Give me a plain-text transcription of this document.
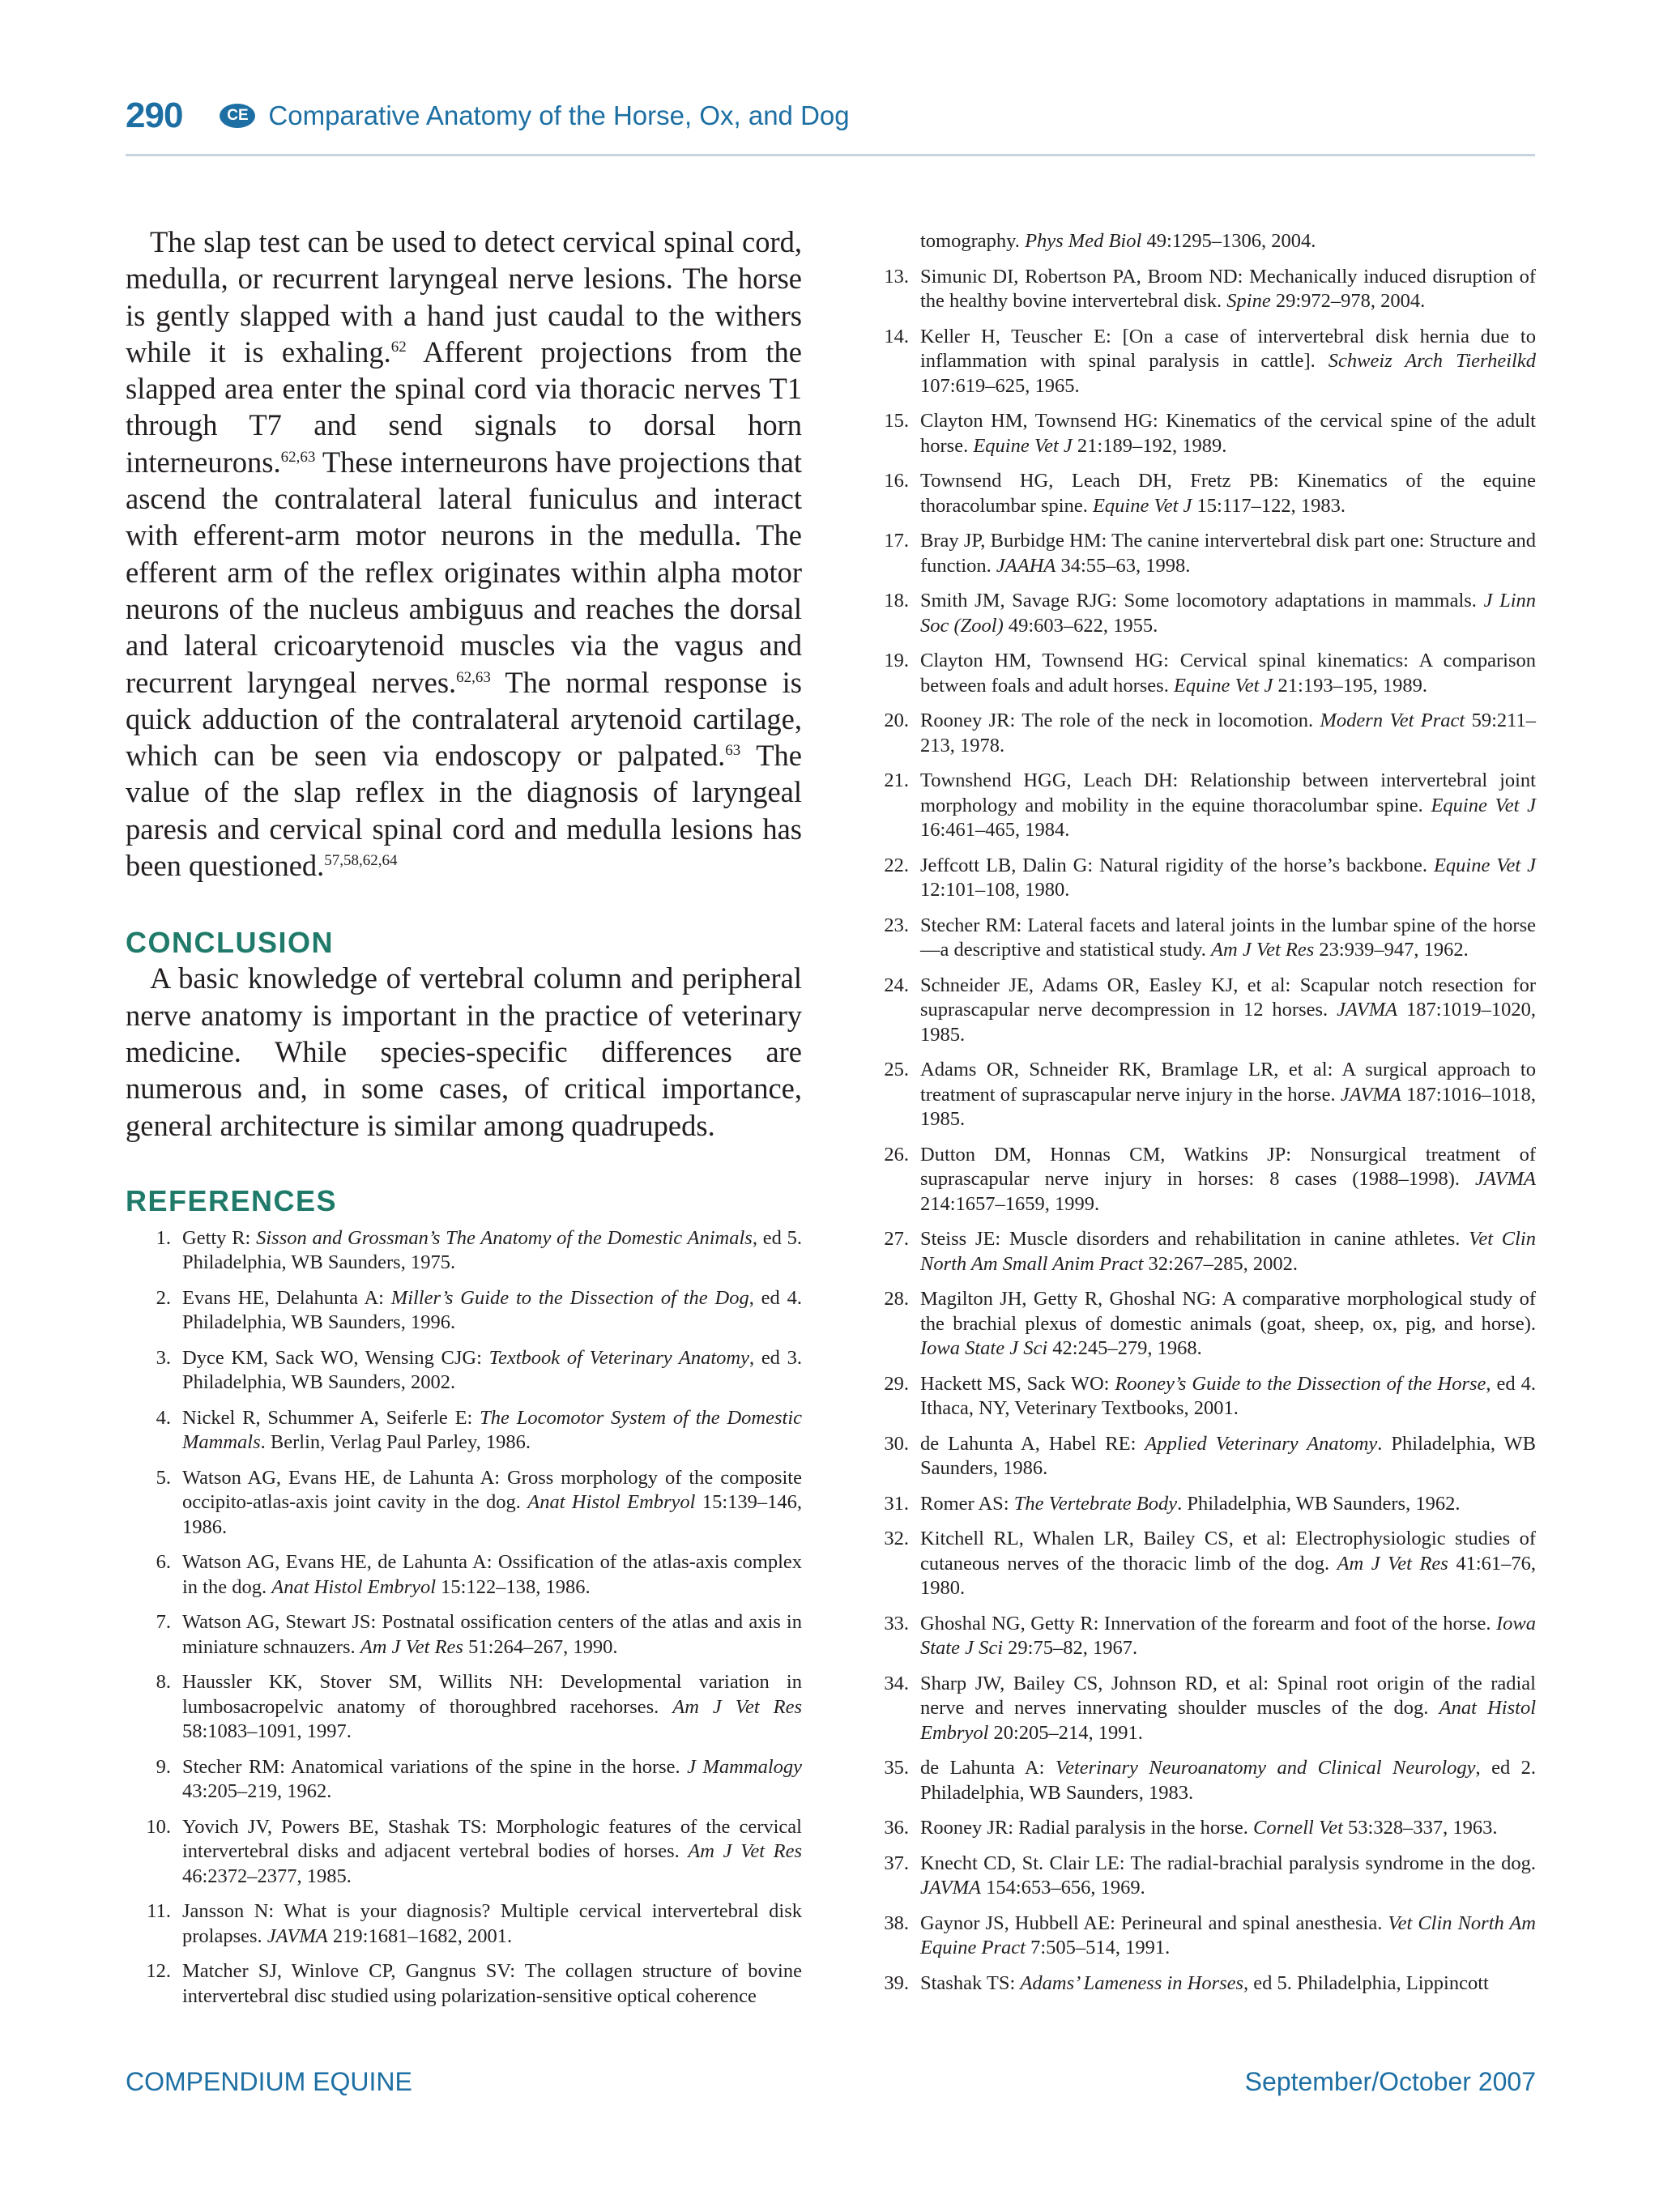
290	CE Comparative Anatomy of the Horse, Ox, and Dog

The slap test can be used to detect cervical spinal cord, medulla, or recurrent laryngeal nerve lesions. The horse is gently slapped with a hand just caudal to the withers while it is exhaling.$^{62}$ Afferent projections from the slapped area enter the spinal cord via thoracic nerves T1 through T7 and send signals to dorsal horn interneurons.$^{62,63}$ These interneurons have projections that ascend the contralateral lateral funiculus and interact with efferent-arm motor neurons in the medulla. The efferent arm of the reflex originates within alpha motor neurons of the nucleus ambiguus and reaches the dorsal and lateral cricoarytenoid muscles via the vagus and recurrent laryngeal nerves.$^{62,63}$ The normal response is quick adduction of the contralateral arytenoid cartilage, which can be seen via endoscopy or palpated.$^{63}$ The value of the slap reflex in the diagnosis of laryngeal paresis and cervical spinal cord and medulla lesions has been questioned.$^{57,58,62,64}$

CONCLUSION

A basic knowledge of vertebral column and peripheral nerve anatomy is important in the practice of veterinary medicine. While species-specific differences are numerous and, in some cases, of critical importance, general architecture is similar among quadrupeds.

REFERENCES
1. Getty R: Sisson and Grossman’s The Anatomy of the Domestic Animals, ed 5. Philadelphia, WB Saunders, 1975.
2. Evans HE, Delahunta A: Miller’s Guide to the Dissection of the Dog, ed 4. Philadelphia, WB Saunders, 1996.
3. Dyce KM, Sack WO, Wensing CJG: Textbook of Veterinary Anatomy, ed 3. Philadelphia, WB Saunders, 2002.
4. Nickel R, Schummer A, Seiferle E: The Locomotor System of the Domestic Mammals. Berlin, Verlag Paul Parley, 1986.
5. Watson AG, Evans HE, de Lahunta A: Gross morphology of the composite occipito-atlas-axis joint cavity in the dog. Anat Histol Embryol 15:139–146, 1986.
6. Watson AG, Evans HE, de Lahunta A: Ossification of the atlas-axis complex in the dog. Anat Histol Embryol 15:122–138, 1986.
7. Watson AG, Stewart JS: Postnatal ossification centers of the atlas and axis in miniature schnauzers. Am J Vet Res 51:264–267, 1990.
8. Haussler KK, Stover SM, Willits NH: Developmental variation in lumbosacropelvic anatomy of thoroughbred racehorses. Am J Vet Res 58:1083–1091, 1997.
9. Stecher RM: Anatomical variations of the spine in the horse. J Mammalogy 43:205–219, 1962.
10. Yovich JV, Powers BE, Stashak TS: Morphologic features of the cervical intervertebral disks and adjacent vertebral bodies of horses. Am J Vet Res 46:2372–2377, 1985.
11. Jansson N: What is your diagnosis? Multiple cervical intervertebral disk prolapses. JAVMA 219:1681–1682, 2001.
12. Matcher SJ, Winlove CP, Gangnus SV: The collagen structure of bovine intervertebral disc studied using polarization-sensitive optical coherence
tomography. Phys Med Biol 49:1295–1306, 2004.
13. Simunic DI, Robertson PA, Broom ND: Mechanically induced disruption of the healthy bovine intervertebral disk. Spine 29:972–978, 2004.
14. Keller H, Teuscher E: [On a case of intervertebral disk hernia due to inflammation with spinal paralysis in cattle]. Schweiz Arch Tierheilkd 107:619–625, 1965.
15. Clayton HM, Townsend HG: Kinematics of the cervical spine of the adult horse. Equine Vet J 21:189–192, 1989.
16. Townsend HG, Leach DH, Fretz PB: Kinematics of the equine thoracolumbar spine. Equine Vet J 15:117–122, 1983.
17. Bray JP, Burbidge HM: The canine intervertebral disk part one: Structure and function. JAAHA 34:55–63, 1998.
18. Smith JM, Savage RJG: Some locomotory adaptations in mammals. J Linn Soc (Zool) 49:603–622, 1955.
19. Clayton HM, Townsend HG: Cervical spinal kinematics: A comparison between foals and adult horses. Equine Vet J 21:193–195, 1989.
20. Rooney JR: The role of the neck in locomotion. Modern Vet Pract 59:211–213, 1978.
21. Townshend HGG, Leach DH: Relationship between intervertebral joint morphology and mobility in the equine thoracolumbar spine. Equine Vet J 16:461–465, 1984.
22. Jeffcott LB, Dalin G: Natural rigidity of the horse’s backbone. Equine Vet J 12:101–108, 1980.
23. Stecher RM: Lateral facets and lateral joints in the lumbar spine of the horse—a descriptive and statistical study. Am J Vet Res 23:939–947, 1962.
24. Schneider JE, Adams OR, Easley KJ, et al: Scapular notch resection for suprascapular nerve decompression in 12 horses. JAVMA 187:1019–1020, 1985.
25. Adams OR, Schneider RK, Bramlage LR, et al: A surgical approach to treatment of suprascapular nerve injury in the horse. JAVMA 187:1016–1018, 1985.
26. Dutton DM, Honnas CM, Watkins JP: Nonsurgical treatment of suprascapular nerve injury in horses: 8 cases (1988–1998). JAVMA 214:1657–1659, 1999.
27. Steiss JE: Muscle disorders and rehabilitation in canine athletes. Vet Clin North Am Small Anim Pract 32:267–285, 2002.
28. Magilton JH, Getty R, Ghoshal NG: A comparative morphological study of the brachial plexus of domestic animals (goat, sheep, ox, pig, and horse). Iowa State J Sci 42:245–279, 1968.
29. Hackett MS, Sack WO: Rooney’s Guide to the Dissection of the Horse, ed 4. Ithaca, NY, Veterinary Textbooks, 2001.
30. de Lahunta A, Habel RE: Applied Veterinary Anatomy. Philadelphia, WB Saunders, 1986.
31. Romer AS: The Vertebrate Body. Philadelphia, WB Saunders, 1962.
32. Kitchell RL, Whalen LR, Bailey CS, et al: Electrophysiologic studies of cutaneous nerves of the thoracic limb of the dog. Am J Vet Res 41:61–76, 1980.
33. Ghoshal NG, Getty R: Innervation of the forearm and foot of the horse. Iowa State J Sci 29:75–82, 1967.
34. Sharp JW, Bailey CS, Johnson RD, et al: Spinal root origin of the radial nerve and nerves innervating shoulder muscles of the dog. Anat Histol Embryol 20:205–214, 1991.
35. de Lahunta A: Veterinary Neuroanatomy and Clinical Neurology, ed 2. Philadelphia, WB Saunders, 1983.
36. Rooney JR: Radial paralysis in the horse. Cornell Vet 53:328–337, 1963.
37. Knecht CD, St. Clair LE: The radial-brachial paralysis syndrome in the dog. JAVMA 154:653–656, 1969.
38. Gaynor JS, Hubbell AE: Perineural and spinal anesthesia. Vet Clin North Am Equine Pract 7:505–514, 1991.
39. Stashak TS: Adams’ Lameness in Horses, ed 5. Philadelphia, Lippincott
COMPENDIUM EQUINE	September/October 2007
